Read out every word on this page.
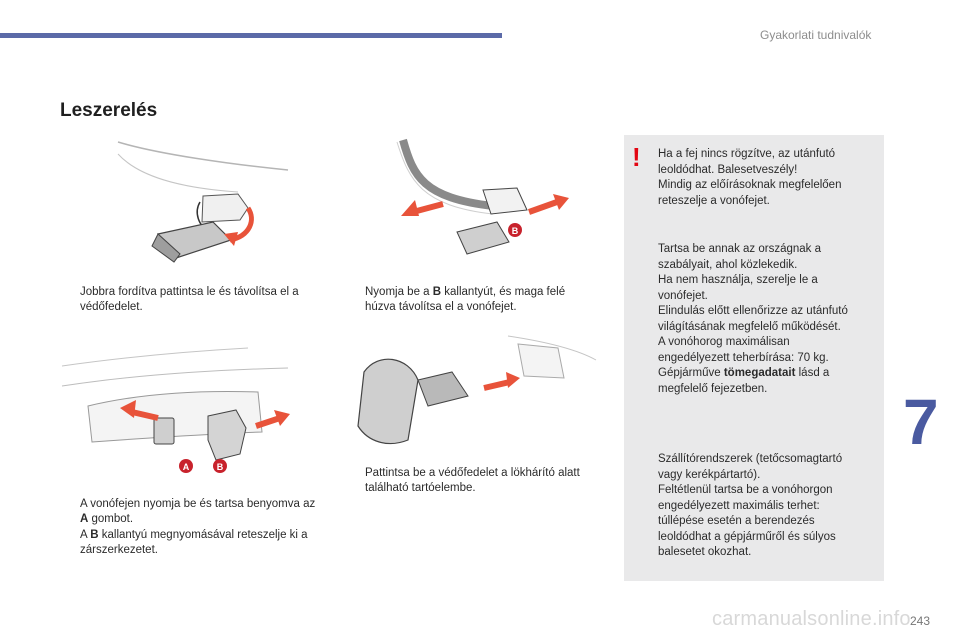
Gyakorlati tudnivalók
Leszerelés
B
A	B
Jobbra fordítva pattintsa le és távolítsa el a védőfedelet.
Nyomja be a B kallantyút, és maga felé húzva távolítsa el a vonófejet.
Pattintsa be a védőfedelet a lökhárító alatt található tartóelembe.
A vonófejen nyomja be és tartsa benyomva az A gombot.
A B kallantyú megnyomásával reteszelje ki a zárszerkezetet.
! Ha a fej nincs rögzítve, az utánfutó
leoldódhat. Balesetveszély!
Mindig az előírásoknak megfelelően
reteszelje a vonófejet.
Tartsa be annak az országnak a
szabályait, ahol közlekedik.
Ha nem használja, szerelje le a
vonófejet.
Elindulás előtt ellenőrizze az utánfutó
világításának megfelelő működését.
A vonóhorog maximálisan
engedélyezett teherbírása: 70 kg.
Gépjárműve tömegadatait lásd a
megfelelő fejezetben.
Szállítórendszerek (tetőcsomagtartó
vagy kerékpártartó).
Feltétlenül tartsa be a vonóhorgon
engedélyezett maximális terhet:
túllépése esetén a berendezés
leoldódhat a gépjárműről és súlyos
balesetet okozhat.
7
carmanualsonline.info 243
